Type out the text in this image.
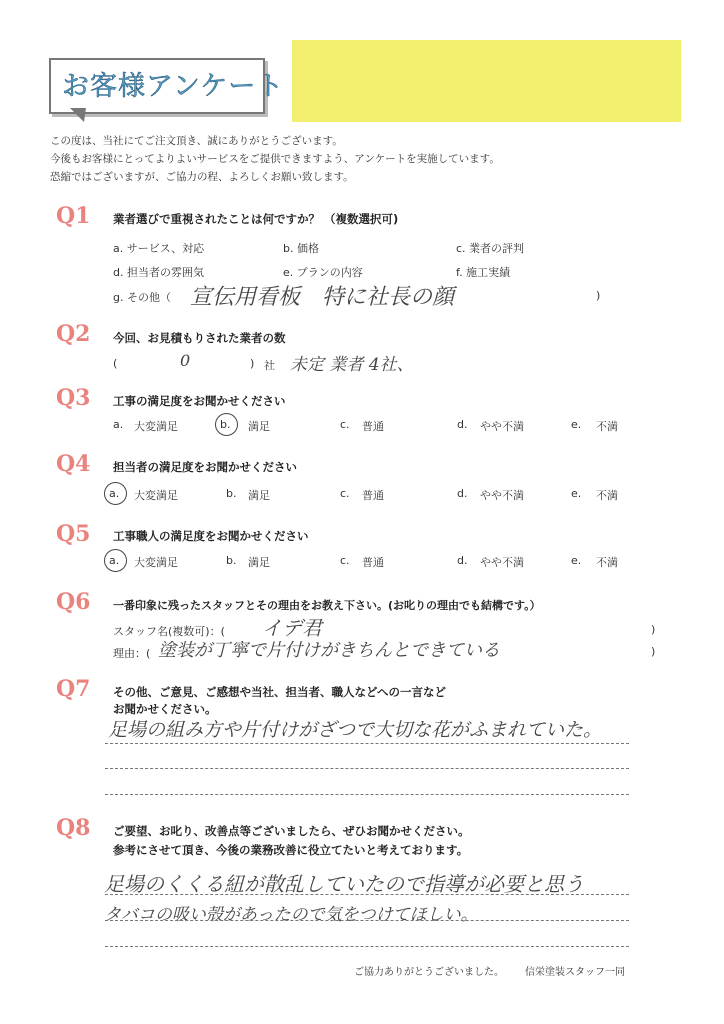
お客様アンケート
この度は、当社にてご注文頂き、誠にありがとうございます。
今後もお客様にとってよりよいサービスをご提供できますよう、アンケートを実施しています。
恐縮ではございますが、ご協力の程、よろしくお願い致します。
Q1 業者選びで重視されたことは何ですか？ （複数選択可)
a. サービス、対応	b. 価格	c. 業者の評判
d. 担当者の雰囲気	e. プランの内容	f. 施工実績
g. その他（ 宣伝用看板　特に社長の顔	)
Q2 今回、お見積もりされた業者の数
(	0	) 社 未定 業者 4社、
Q3 工事の満足度をお聞かせください
a. 大変満足	b. 満足	c. 普通	d. やや不満	e. 不満
Q4 担当者の満足度をお聞かせください
a. 大変満足	b. 満足	c. 普通	d. やや不満	e. 不満
Q5 工事職人の満足度をお聞かせください
a. 大変満足	b. 満足	c. 普通	d. やや不満	e. 不満
Q6 一番印象に残ったスタッフとその理由をお教え下さい。(お叱りの理由でも結構です。）
スタッフ名(複数可)：( イデ君	)
理由：( 塗装が丁寧で片付けがきちんとできている	)
Q7 その他、ご意見、ご感想や当社、担当者、職人などへの一言など
お聞かせください。
足場の組み方や片付けがざつで大切な花がふまれていた。
Q8 ご要望、お叱り、改善点等ございましたら、ぜひお聞かせください。
参考にさせて頂き、今後の業務改善に役立てたいと考えております。
足場のくくる紐が散乱していたので指導が必要と思う
タバコの吸い殻があったので気をつけてほしい。
ご協力ありがとうございました。 信栄塗装スタッフ一同
